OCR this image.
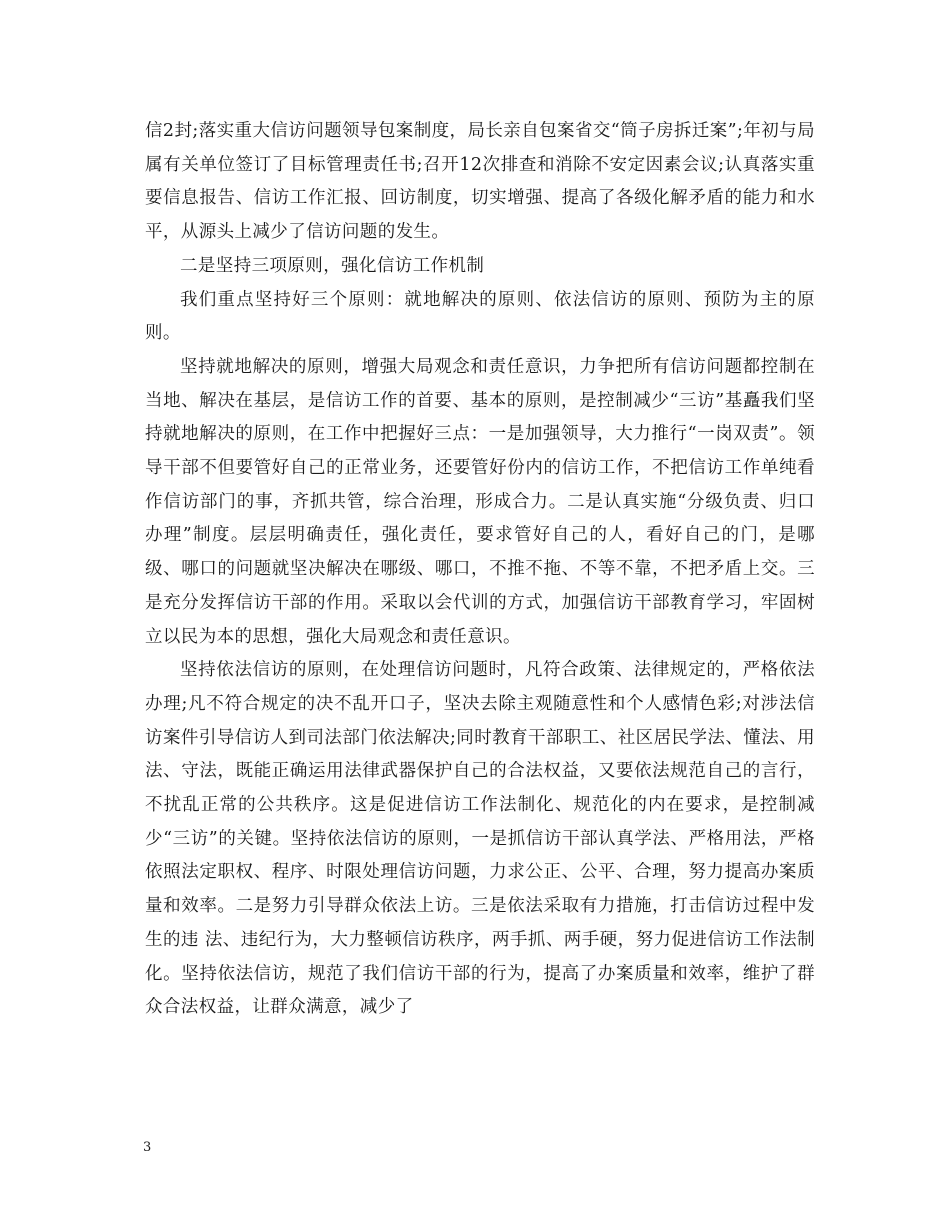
信2封;落实重大信访问题领导包案制度，局长亲自包案省交“筒子房拆迁案”;年初与局属有关单位签订了目标管理责任书;召开12次排查和消除不安定因素会议;认真落实重要信息报告、信访工作汇报、回访制度，切实增强、提高了各级化解矛盾的能力和水平，从源头上减少了信访问题的发生。

二是坚持三项原则，强化信访工作机制

我们重点坚持好三个原则：就地解决的原则、依法信访的原则、预防为主的原则。

坚持就地解决的原则，增强大局观念和责任意识，力争把所有信访问题都控制在当地、解决在基层，是信访工作的首要、基本的原则，是控制减少“三访”基矗我们坚持就地解决的原则，在工作中把握好三点：一是加强领导，大力推行“一岗双责”。领导干部不但要管好自己的正常业务，还要管好份内的信访工作，不把信访工作单纯看作信访部门的事，齐抓共管，综合治理，形成合力。二是认真实施“分级负责、归口办理”制度。层层明确责任，强化责任，要求管好自己的人，看好自己的门，是哪级、哪口的问题就坚决解决在哪级、哪口，不推不拖、不等不靠，不把矛盾上交。三是充分发挥信访干部的作用。采取以会代训的方式，加强信访干部教育学习，牢固树立以民为本的思想，强化大局观念和责任意识。

坚持依法信访的原则，在处理信访问题时，凡符合政策、法律规定的，严格依法办理;凡不符合规定的决不乱开口子，坚决去除主观随意性和个人感情色彩;对涉法信访案件引导信访人到司法部门依法解决;同时教育干部职工、社区居民学法、懂法、用法、守法，既能正确运用法律武器保护自己的合法权益，又要依法规范自己的言行，不扰乱正常的公共秩序。这是促进信访工作法制化、规范化的内在要求，是控制减少“三访”的关键。坚持依法信访的原则，一是抓信访干部认真学法、严格用法，严格依照法定职权、程序、时限处理信访问题，力求公正、公平、合理，努力提高办案质量和效率。二是努力引导群众依法上访。三是依法采取有力措施，打击信访过程中发生的违 法、违纪行为，大力整顿信访秩序，两手抓、两手硬，努力促进信访工作法制化。坚持依法信访，规范了我们信访干部的行为，提高了办案质量和效率，维护了群众合法权益，让群众满意，减少了

3
